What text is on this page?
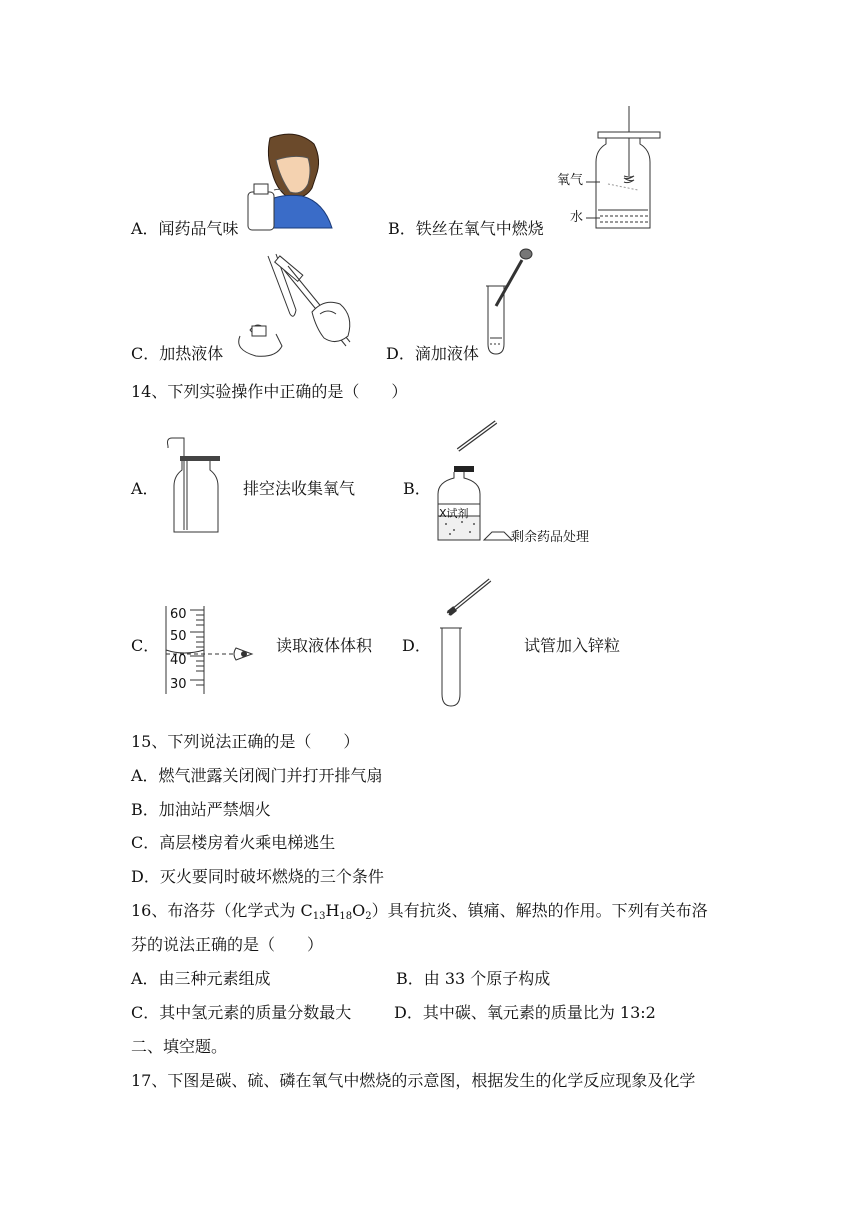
A．闻药品气味	B．铁丝在氧气中燃烧
氧气
水
C．加热液体	D．滴加液体
14、下列实验操作中正确的是（　　）
A．	排空法收集氧气	B．
X试剂
剩余药品处理
C．
60
50
40
30
读取液体体积 D．	试管加入锌粒
15、下列说法正确的是（　　）
A．燃气泄露关闭阀门并打开排气扇
B．加油站严禁烟火
C．高层楼房着火乘电梯逃生
D．灭火要同时破坏燃烧的三个条件
16、布洛芬（化学式为 $C_{13}H_{18}O_2$）具有抗炎、镇痛、解热的作用。下列有关布洛
芬的说法正确的是（　　）
A．由三种元素组成	B．由 33 个原子构成
C．其中氢元素的质量分数最大	D．其中碳、氧元素的质量比为 13:2
二、填空题。
17、下图是碳、硫、磷在氧气中燃烧的示意图，根据发生的化学反应现象及化学
